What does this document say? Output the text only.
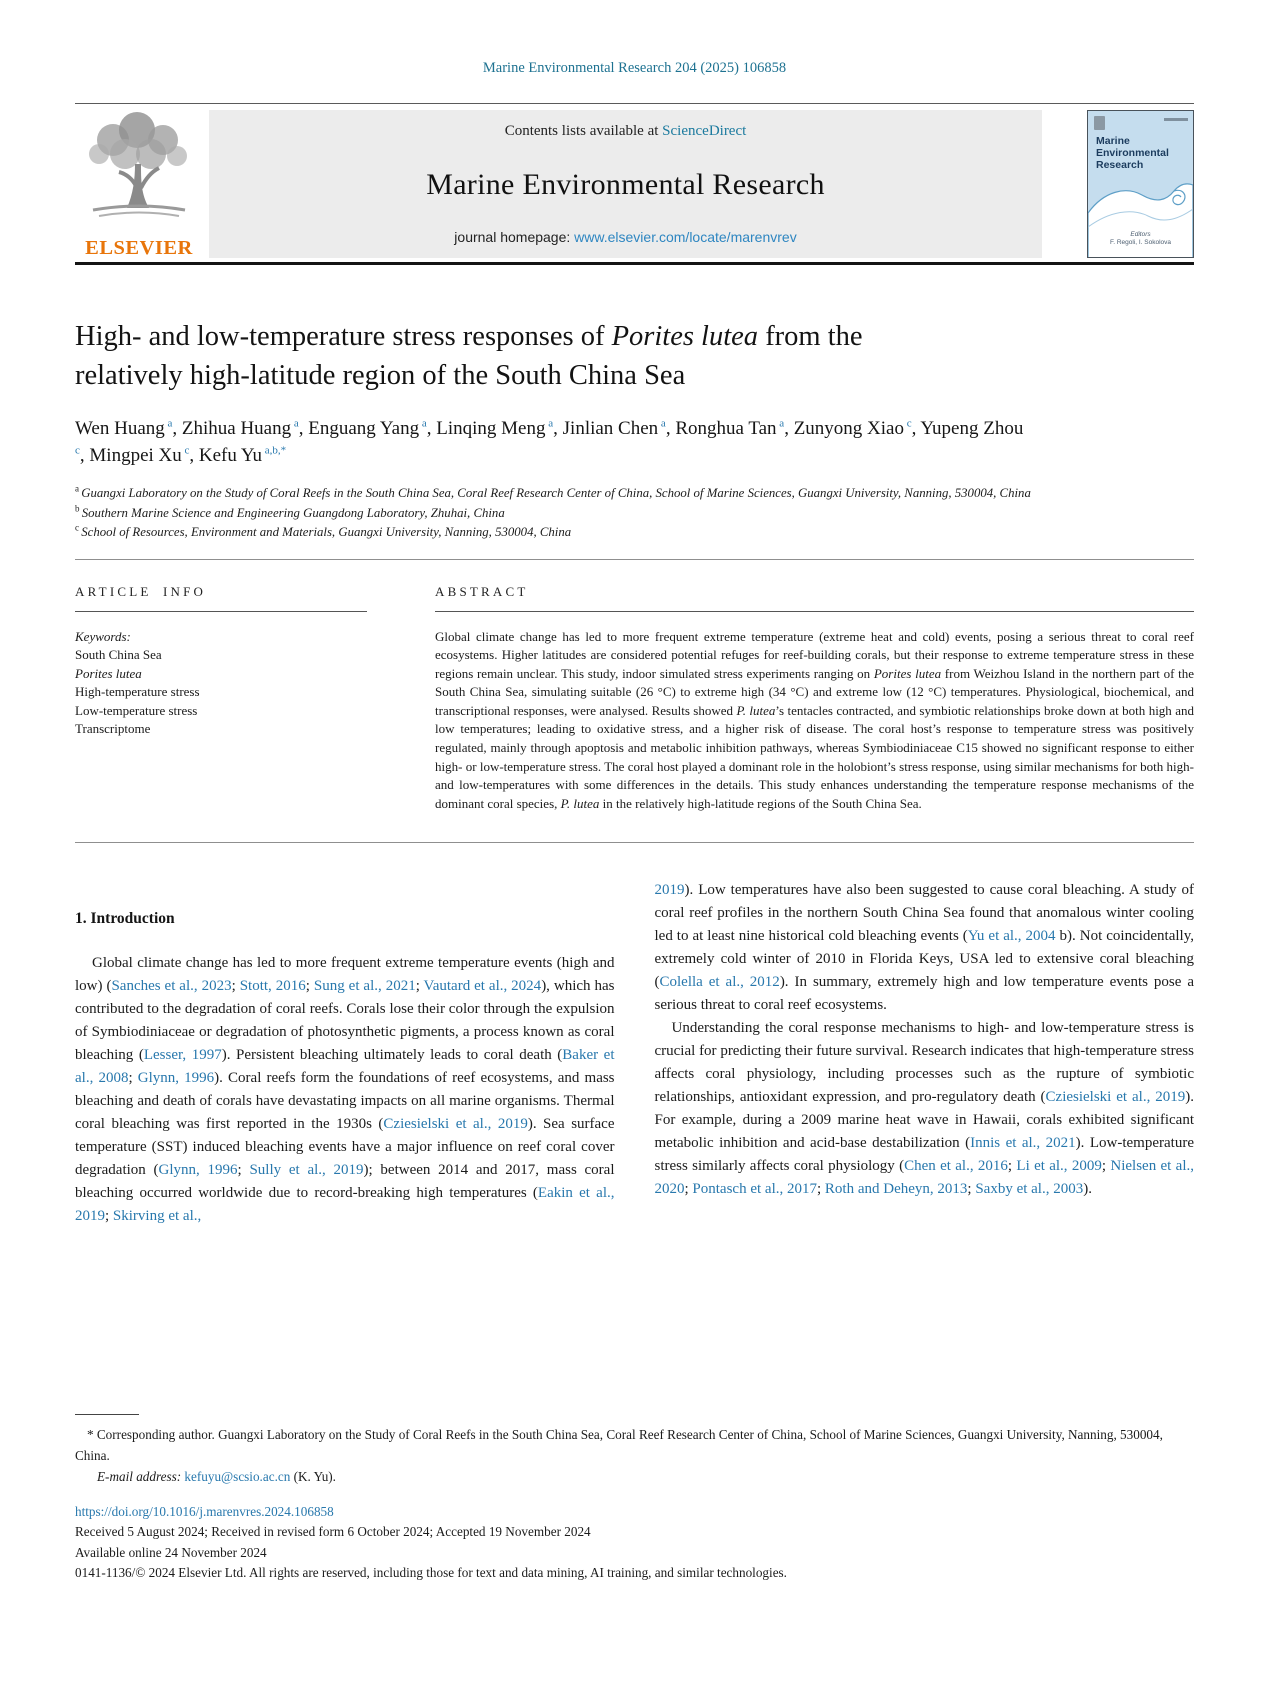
Marine Environmental Research 204 (2025) 106858
ELSEVIER
Contents lists available at ScienceDirect
Marine Environmental Research
journal homepage: www.elsevier.com/locate/marenvrev
Marine
Environmental
Research
Editors
F. Regoli, I. Sokolova
High- and low-temperature stress responses of Porites lutea from the relatively high-latitude region of the South China Sea
Wen Huang $^a$, Zhihua Huang $^a$, Enguang Yang $^a$, Linqing Meng $^a$, Jinlian Chen $^a$, Ronghua Tan $^a$, Zunyong Xiao $^c$, Yupeng Zhou $^c$, Mingpei Xu $^c$, Kefu Yu $^{a,b,*}$
$^a$ Guangxi Laboratory on the Study of Coral Reefs in the South China Sea, Coral Reef Research Center of China, School of Marine Sciences, Guangxi University, Nanning, 530004, China
$^b$ Southern Marine Science and Engineering Guangdong Laboratory, Zhuhai, China
$^c$ School of Resources, Environment and Materials, Guangxi University, Nanning, 530004, China
ARTICLE INFO
Keywords:
South China Sea
Porites lutea
High-temperature stress
Low-temperature stress
Transcriptome
ABSTRACT

Global climate change has led to more frequent extreme temperature (extreme heat and cold) events, posing a serious threat to coral reef ecosystems. Higher latitudes are considered potential refuges for reef-building corals, but their response to extreme temperature stress in these regions remain unclear. This study, indoor simulated stress experiments ranging on Porites lutea from Weizhou Island in the northern part of the South China Sea, simulating suitable (26 °C) to extreme high (34 °C) and extreme low (12 °C) temperatures. Physiological, biochemical, and transcriptional responses, were analysed. Results showed P. lutea’s tentacles contracted, and symbiotic relationships broke down at both high and low temperatures; leading to oxidative stress, and a higher risk of disease. The coral host’s response to temperature stress was positively regulated, mainly through apoptosis and metabolic inhibition pathways, whereas Symbiodiniaceae C15 showed no significant response to either high- or low-temperature stress. The coral host played a dominant role in the holobiont’s stress response, using similar mechanisms for both high- and low-temperatures with some differences in the details. This study enhances understanding the temperature response mechanisms of the dominant coral species, P. lutea in the relatively high-latitude regions of the South China Sea.

1. Introduction

Global climate change has led to more frequent extreme temperature events (high and low) (Sanches et al., 2023; Stott, 2016; Sung et al., 2021; Vautard et al., 2024), which has contributed to the degradation of coral reefs. Corals lose their color through the expulsion of Symbiodiniaceae or degradation of photosynthetic pigments, a process known as coral bleaching (Lesser, 1997). Persistent bleaching ultimately leads to coral death (Baker et al., 2008; Glynn, 1996). Coral reefs form the foundations of reef ecosystems, and mass bleaching and death of corals have devastating impacts on all marine organisms. Thermal coral bleaching was first reported in the 1930s (Cziesielski et al., 2019). Sea surface temperature (SST) induced bleaching events have a major influence on reef coral cover degradation (Glynn, 1996; Sully et al., 2019); between 2014 and 2017, mass coral bleaching occurred worldwide due to record-breaking high temperatures (Eakin et al., 2019; Skirving et al.,

2019). Low temperatures have also been suggested to cause coral bleaching. A study of coral reef profiles in the northern South China Sea found that anomalous winter cooling led to at least nine historical cold bleaching events (Yu et al., 2004 b). Not coincidentally, extremely cold winter of 2010 in Florida Keys, USA led to extensive coral bleaching (Colella et al., 2012). In summary, extremely high and low temperature events pose a serious threat to coral reef ecosystems.

Understanding the coral response mechanisms to high- and low-temperature stress is crucial for predicting their future survival. Research indicates that high-temperature stress affects coral physiology, including processes such as the rupture of symbiotic relationships, antioxidant expression, and pro-regulatory death (Cziesielski et al., 2019). For example, during a 2009 marine heat wave in Hawaii, corals exhibited significant metabolic inhibition and acid-base destabilization (Innis et al., 2021). Low-temperature stress similarly affects coral physiology (Chen et al., 2016; Li et al., 2009; Nielsen et al., 2020; Pontasch et al., 2017; Roth and Deheyn, 2013; Saxby et al., 2003).

* Corresponding author. Guangxi Laboratory on the Study of Coral Reefs in the South China Sea, Coral Reef Research Center of China, School of Marine Sciences, Guangxi University, Nanning, 530004, China.

E-mail address: kefuyu@scsio.ac.cn (K. Yu).

https://doi.org/10.1016/j.marenvres.2024.106858
Received 5 August 2024; Received in revised form 6 October 2024; Accepted 19 November 2024
Available online 24 November 2024
0141-1136/© 2024 Elsevier Ltd. All rights are reserved, including those for text and data mining, AI training, and similar technologies.
